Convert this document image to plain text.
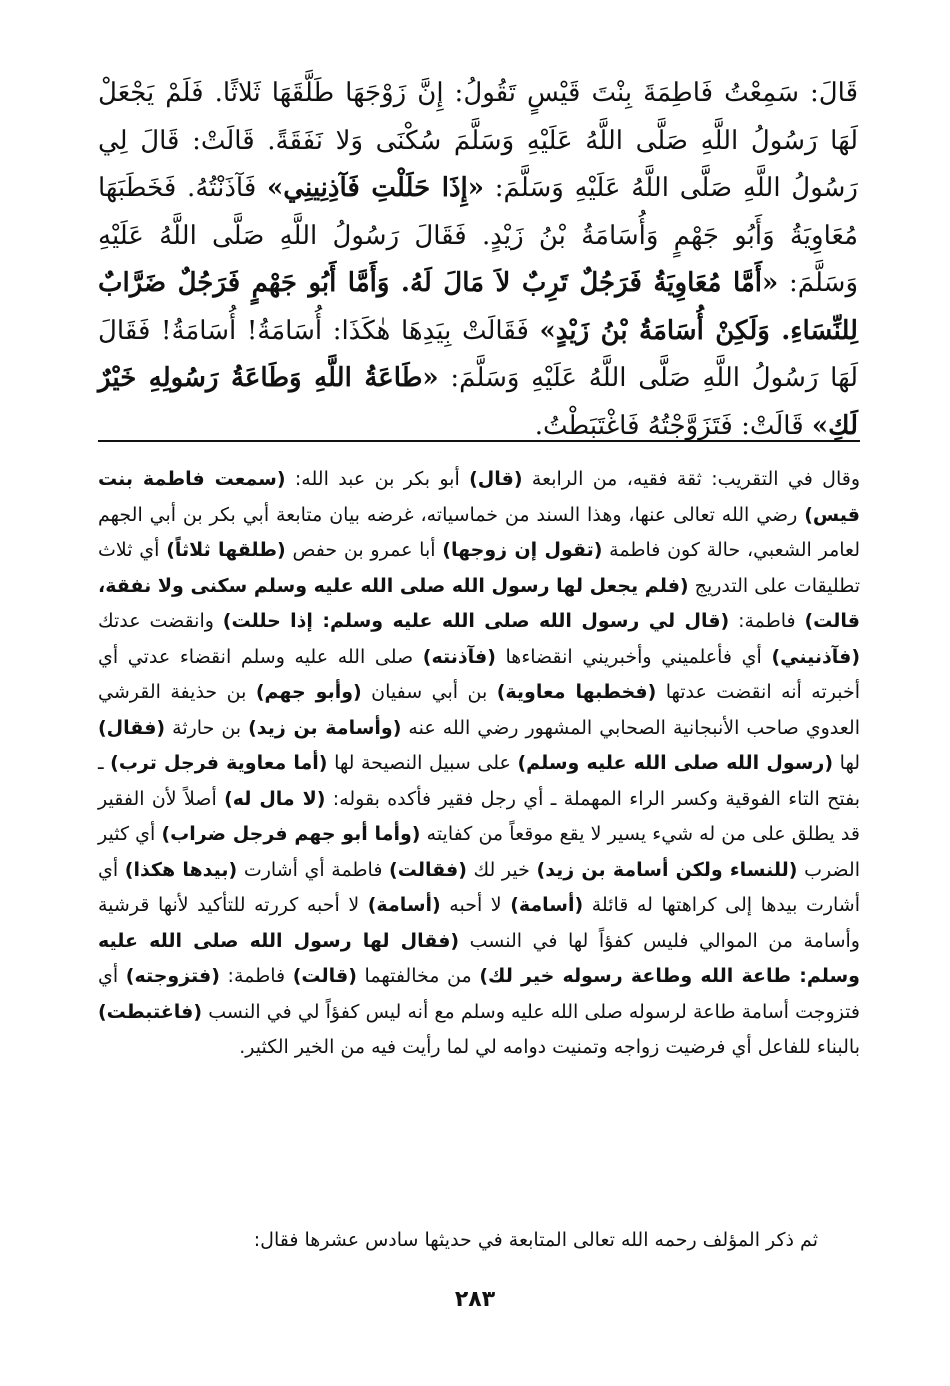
قَالَ: سَمِعْتُ فَاطِمَةَ بِنْتَ قَيْسٍ تَقُولُ: إِنَّ زَوْجَهَا طَلَّقَهَا ثَلاثًا. فَلَمْ يَجْعَلْ لَهَا رَسُولُ اللَّهِ صَلَّى اللَّهُ عَلَيْهِ وَسَلَّمَ سُكْنَى وَلا نَفَقَةً. قَالَتْ: قَالَ لِي رَسُولُ اللَّهِ صَلَّى اللَّهُ عَلَيْهِ وَسَلَّمَ: «إِذَا حَلَلْتِ فَآذِنِينِي» فَآذَنْتُهُ. فَخَطَبَهَا مُعَاوِيَةُ وَأَبُو جَهْمٍ وَأُسَامَةُ بْنُ زَيْدٍ. فَقَالَ رَسُولُ اللَّهِ صَلَّى اللَّهُ عَلَيْهِ وَسَلَّمَ: «أَمَّا مُعَاوِيَةُ فَرَجُلٌ تَرِبٌ لاَ مَالَ لَهُ. وَأَمَّا أَبُو جَهْمٍ فَرَجُلٌ ضَرَّابٌ لِلنِّسَاءِ. وَلَكِنْ أُسَامَةُ بْنُ زَيْدٍ» فَقَالَتْ بِيَدِهَا هٰكَذَا: أُسَامَةُ! أُسَامَةُ! فَقَالَ لَهَا رَسُولُ اللَّهِ صَلَّى اللَّهُ عَلَيْهِ وَسَلَّمَ: «طَاعَةُ اللَّهِ وَطَاعَةُ رَسُولِهِ خَيْرٌ لَكِ» قَالَتْ: فَتَزَوَّجْتُهُ فَاغْتَبَطْتُ.
وقال في التقريب: ثقة فقيه، من الرابعة (قال) أبو بكر بن عبد الله: (سمعت فاطمة بنت قيس) رضي الله تعالى عنها، وهذا السند من خماسياته، غرضه بيان متابعة أبي بكر بن أبي الجهم لعامر الشعبي، حالة كون فاطمة (تقول إن زوجها) أبا عمرو بن حفص (طلقها ثلاثاً) أي ثلاث تطليقات على التدريج (فلم يجعل لها رسول الله صلى الله عليه وسلم سكنى ولا نفقة، قالت) فاطمة: (قال لي رسول الله صلى الله عليه وسلم: إذا حللت) وانقضت عدتك (فآذنيني) أي فأعلميني وأخبريني انقضاءها (فآذنته) صلى الله عليه وسلم انقضاء عدتي أي أخبرته أنه انقضت عدتها (فخطبها معاوية) بن أبي سفيان (وأبو جهم) بن حذيفة القرشي العدوي صاحب الأنبجانية الصحابي المشهور رضي الله عنه (وأسامة بن زيد) بن حارثة (فقال) لها (رسول الله صلى الله عليه وسلم) على سبيل النصيحة لها (أما معاوية فرجل ترب) ـ بفتح التاء الفوقية وكسر الراء المهملة ـ أي رجل فقير فأكده بقوله: (لا مال له) أصلاً لأن الفقير قد يطلق على من له شيء يسير لا يقع موقعاً من كفايته (وأما أبو جهم فرجل ضراب) أي كثير الضرب (للنساء ولكن أسامة بن زيد) خير لك (فقالت) فاطمة أي أشارت (بيدها هكذا) أي أشارت بيدها إلى كراهتها له قائلة (أسامة) لا أحبه (أسامة) لا أحبه كررته للتأكيد لأنها قرشية وأسامة من الموالي فليس كفؤاً لها في النسب (فقال لها رسول الله صلى الله عليه وسلم: طاعة الله وطاعة رسوله خير لك) من مخالفتهما (قالت) فاطمة: (فتزوجته) أي فتزوجت أسامة طاعة لرسوله صلى الله عليه وسلم مع أنه ليس كفؤاً لي في النسب (فاغتبطت) بالبناء للفاعل أي فرضيت زواجه وتمنيت دوامه لي لما رأيت فيه من الخير الكثير.
ثم ذكر المؤلف رحمه الله تعالى المتابعة في حديثها سادس عشرها فقال:
٢٨٣
